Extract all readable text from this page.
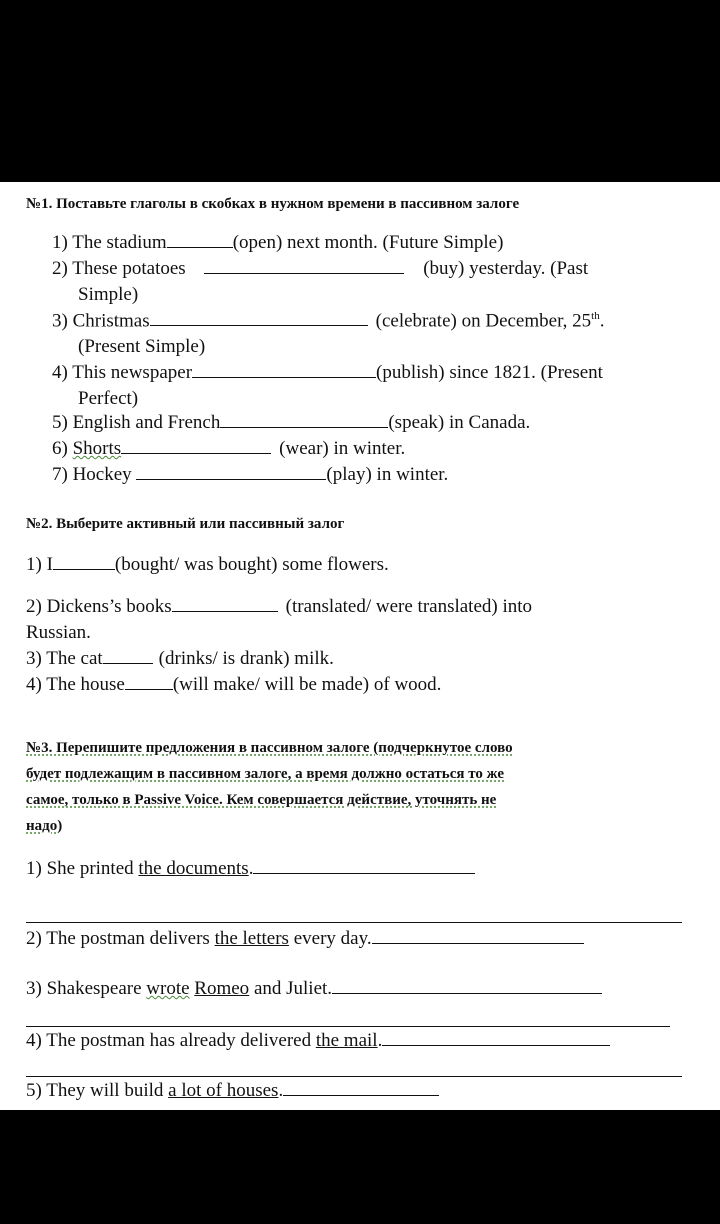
№1. Поставьте глаголы в скобках в нужном времени в пассивном залоге
1) The stadium	(open) next month. (Future Simple)
2) These potatoes	(buy) yesterday. (Past
Simple)
3) Christmas	(celebrate) on December, 25th.
(Present Simple)
4) This newspaper	(publish) since 1821. (Present
Perfect)
5) English and French	(speak) in Canada.
6) Shorts	(wear) in winter.
7) Hockey	(play) in winter.
№2. Выберите активный или пассивный залог
1) I	(bought/ was bought) some flowers.
2) Dickens’s books	(translated/ were translated) into
Russian.
3) The cat	(drinks/ is drank) milk.
4) The house	(will make/ will be made) of wood.
№3. Перепишите предложения в пассивном залоге (подчеркнутое слово
будет подлежащим в пассивном залоге, а время должно остаться то же
самое, только в Passive Voice. Кем совершается действие, уточнять не
надо)
1) She printed the documents.
2) The postman delivers the letters every day.
3) Shakespeare wrote Romeo and Juliet.
4) The postman has already delivered the mail.
5) They will build a lot of houses.
